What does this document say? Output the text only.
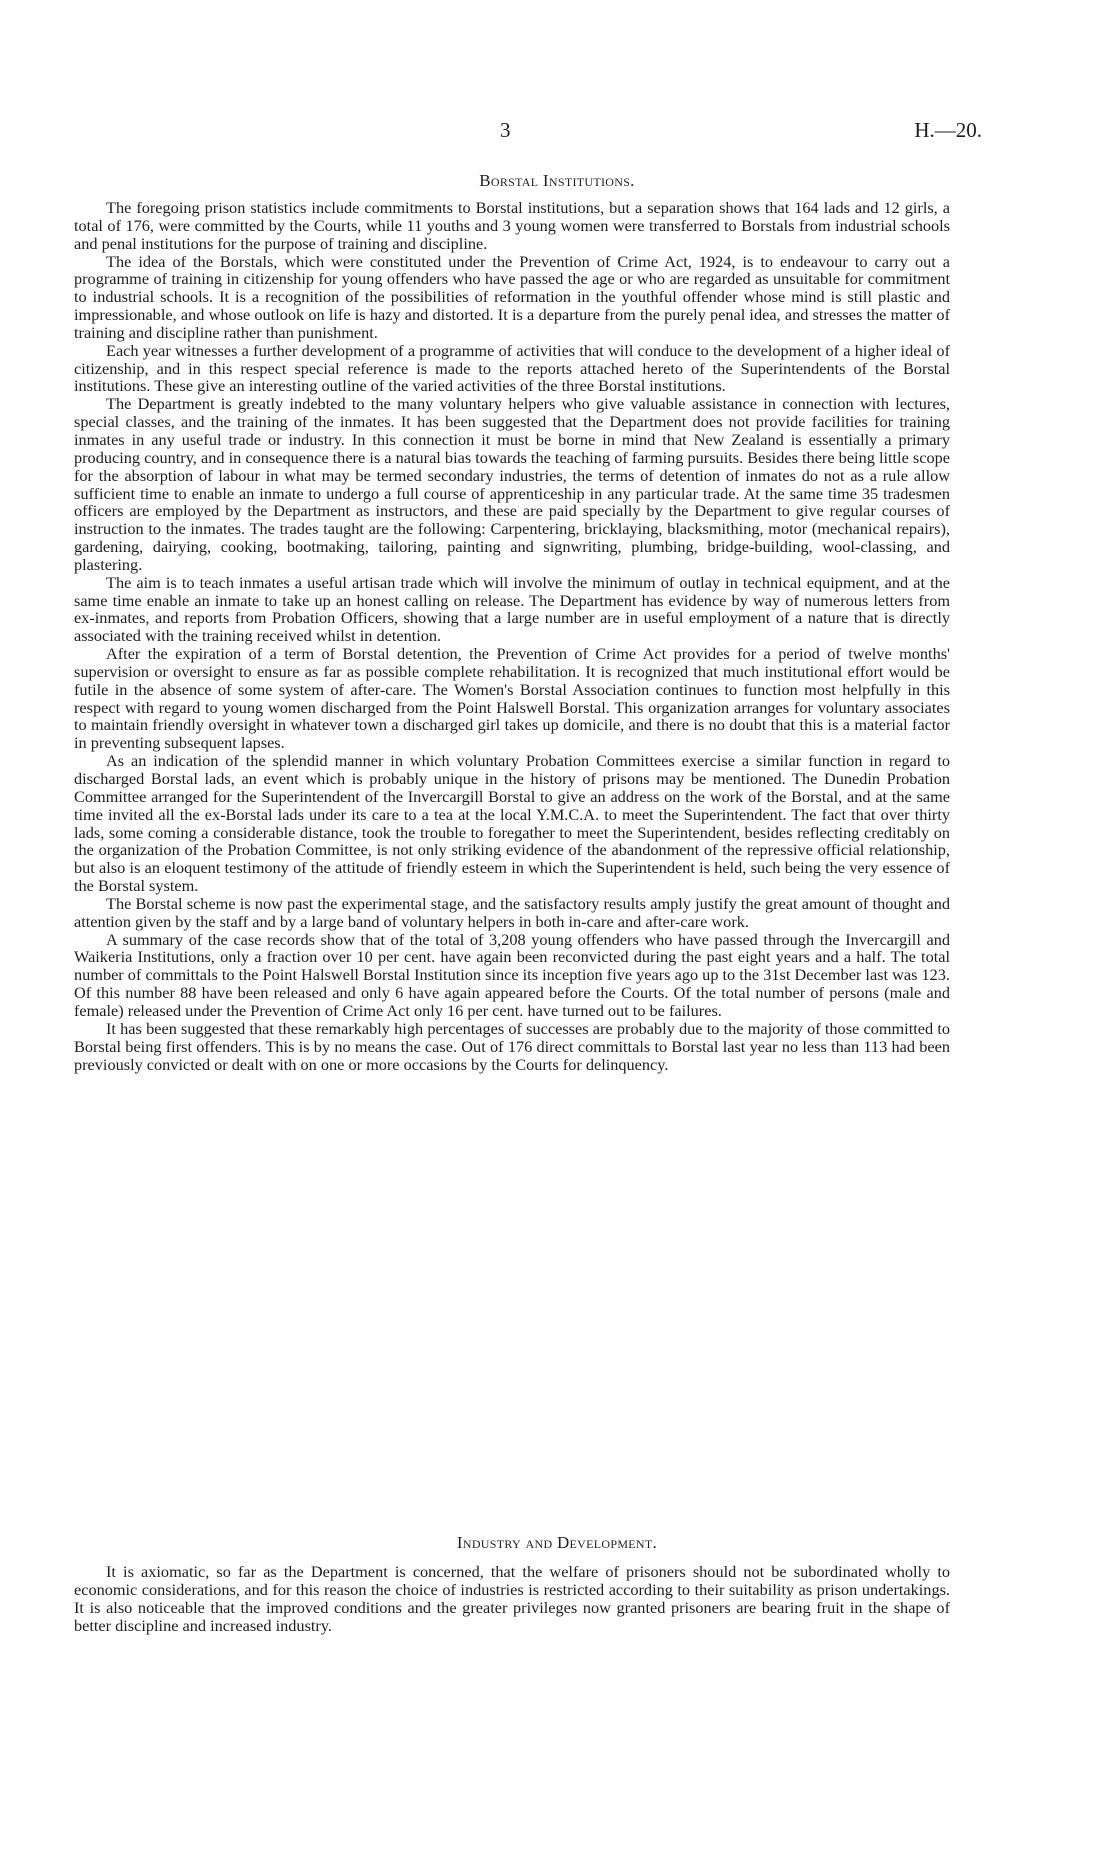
3	H.—20.
Borstal Institutions.

The foregoing prison statistics include commitments to Borstal institutions, but a separation shows that 164 lads and 12 girls, a total of 176, were committed by the Courts, while 11 youths and 3 young women were transferred to Borstals from industrial schools and penal institutions for the purpose of training and discipline.

The idea of the Borstals, which were constituted under the Prevention of Crime Act, 1924, is to endeavour to carry out a programme of training in citizenship for young offenders who have passed the age or who are regarded as unsuitable for commitment to industrial schools. It is a recognition of the possibilities of reformation in the youthful offender whose mind is still plastic and impressionable, and whose outlook on life is hazy and distorted. It is a departure from the purely penal idea, and stresses the matter of training and discipline rather than punishment.

Each year witnesses a further development of a programme of activities that will conduce to the development of a higher ideal of citizenship, and in this respect special reference is made to the reports attached hereto of the Superintendents of the Borstal institutions. These give an interesting outline of the varied activities of the three Borstal institutions.

The Department is greatly indebted to the many voluntary helpers who give valuable assistance in connection with lectures, special classes, and the training of the inmates. It has been suggested that the Department does not provide facilities for training inmates in any useful trade or industry. In this connection it must be borne in mind that New Zealand is essentially a primary producing country, and in consequence there is a natural bias towards the teaching of farming pursuits. Besides there being little scope for the absorption of labour in what may be termed secondary industries, the terms of detention of inmates do not as a rule allow sufficient time to enable an inmate to undergo a full course of apprenticeship in any particular trade. At the same time 35 tradesmen officers are employed by the Department as instructors, and these are paid specially by the Department to give regular courses of instruction to the inmates. The trades taught are the following: Carpentering, bricklaying, blacksmithing, motor (mechanical repairs), gardening, dairying, cooking, bootmaking, tailoring, painting and signwriting, plumbing, bridge-building, wool-classing, and plastering.

The aim is to teach inmates a useful artisan trade which will involve the minimum of outlay in technical equipment, and at the same time enable an inmate to take up an honest calling on release. The Department has evidence by way of numerous letters from ex-inmates, and reports from Probation Officers, showing that a large number are in useful employment of a nature that is directly associated with the training received whilst in detention.

After the expiration of a term of Borstal detention, the Prevention of Crime Act provides for a period of twelve months' supervision or oversight to ensure as far as possible complete rehabilitation. It is recognized that much institutional effort would be futile in the absence of some system of after-care. The Women's Borstal Association continues to function most helpfully in this respect with regard to young women discharged from the Point Halswell Borstal. This organization arranges for voluntary associates to maintain friendly oversight in whatever town a discharged girl takes up domicile, and there is no doubt that this is a material factor in preventing subsequent lapses.

As an indication of the splendid manner in which voluntary Probation Committees exercise a similar function in regard to discharged Borstal lads, an event which is probably unique in the history of prisons may be mentioned. The Dunedin Probation Committee arranged for the Superintendent of the Invercargill Borstal to give an address on the work of the Borstal, and at the same time invited all the ex-Borstal lads under its care to a tea at the local Y.M.C.A. to meet the Superintendent. The fact that over thirty lads, some coming a considerable distance, took the trouble to foregather to meet the Superintendent, besides reflecting creditably on the organization of the Probation Committee, is not only striking evidence of the abandonment of the repressive official relationship, but also is an eloquent testimony of the attitude of friendly esteem in which the Superintendent is held, such being the very essence of the Borstal system.

The Borstal scheme is now past the experimental stage, and the satisfactory results amply justify the great amount of thought and attention given by the staff and by a large band of voluntary helpers in both in-care and after-care work.

A summary of the case records show that of the total of 3,208 young offenders who have passed through the Invercargill and Waikeria Institutions, only a fraction over 10 per cent. have again been reconvicted during the past eight years and a half. The total number of committals to the Point Halswell Borstal Institution since its inception five years ago up to the 31st December last was 123. Of this number 88 have been released and only 6 have again appeared before the Courts. Of the total number of persons (male and female) released under the Prevention of Crime Act only 16 per cent. have turned out to be failures.

It has been suggested that these remarkably high percentages of successes are probably due to the majority of those committed to Borstal being first offenders. This is by no means the case. Out of 176 direct committals to Borstal last year no less than 113 had been previously convicted or dealt with on one or more occasions by the Courts for delinquency.

Industry and Development.

It is axiomatic, so far as the Department is concerned, that the welfare of prisoners should not be subordinated wholly to economic considerations, and for this reason the choice of industries is restricted according to their suitability as prison undertakings. It is also noticeable that the improved conditions and the greater privileges now granted prisoners are bearing fruit in the shape of better discipline and increased industry.
